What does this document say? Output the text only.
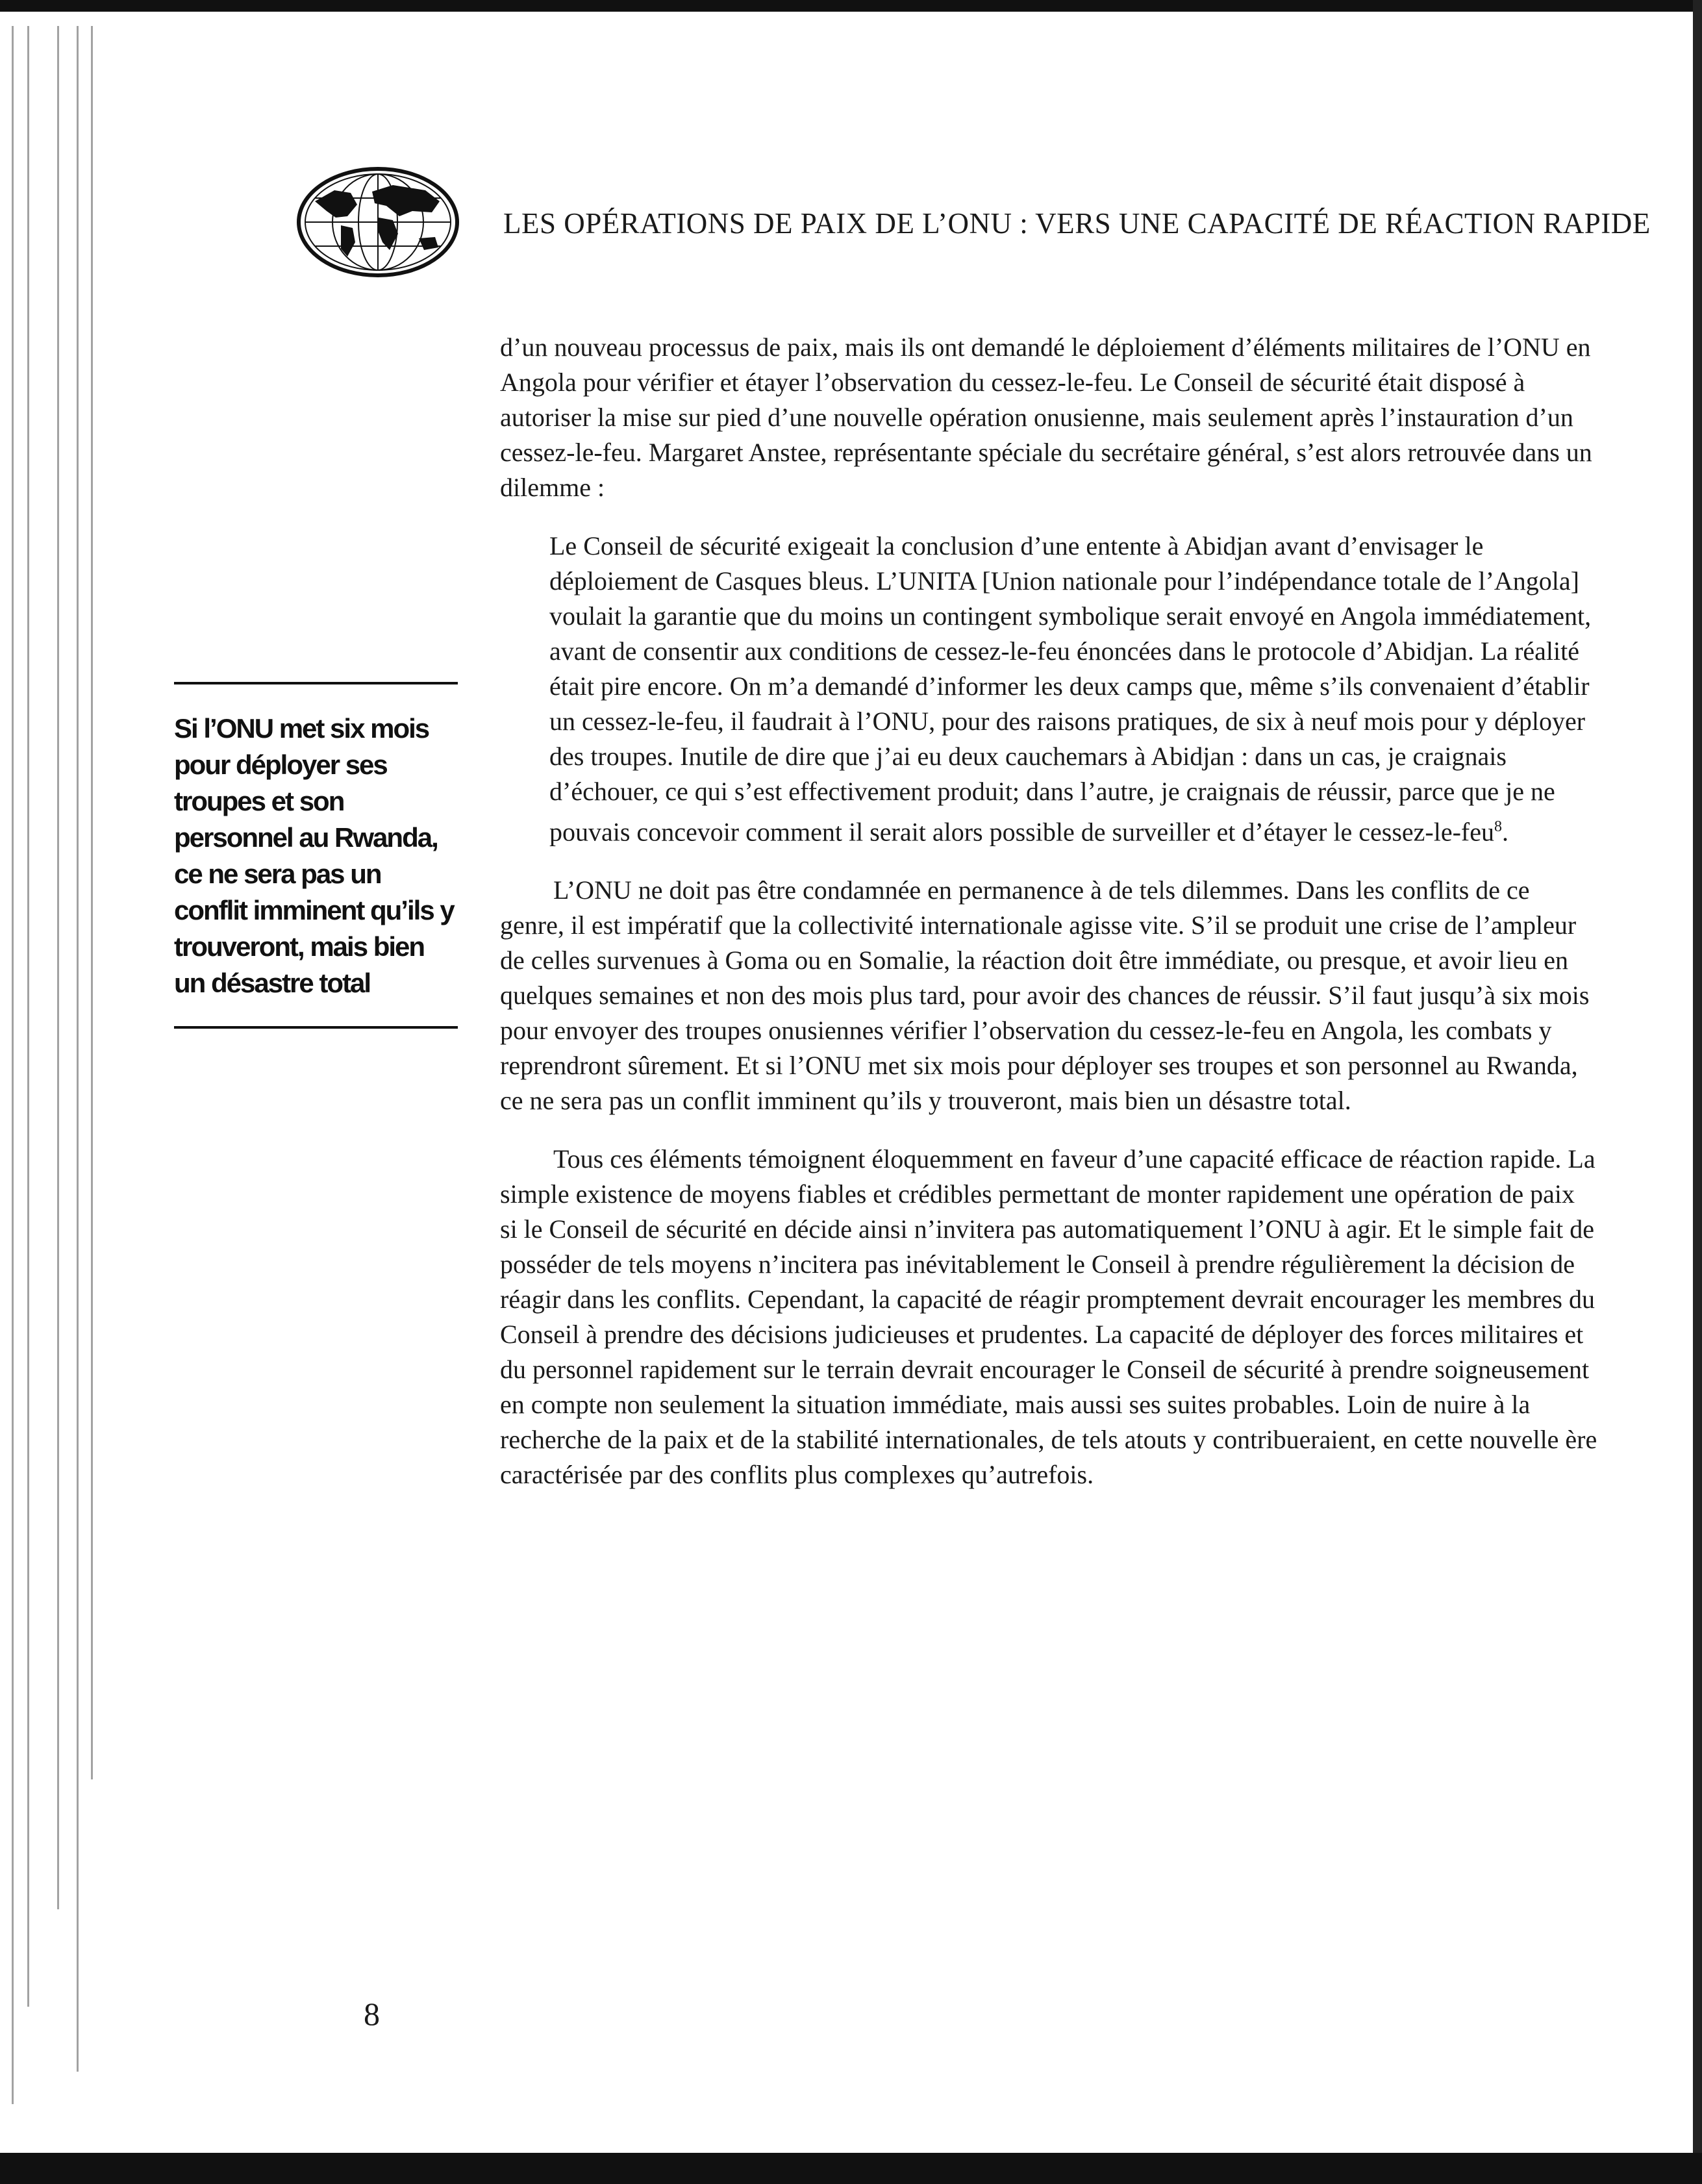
LES OPÉRATIONS DE PAIX DE L’ONU : VERS UNE CAPACITÉ DE RÉACTION RAPIDE

d’un nouveau processus de paix, mais ils ont demandé le déploiement d’éléments militaires de l’ONU en Angola pour vérifier et étayer l’observation du cessez-le-feu. Le Conseil de sécurité était disposé à autoriser la mise sur pied d’une nouvelle opération onusienne, mais seulement après l’instauration d’un cessez-le-feu. Margaret Anstee, représentante spéciale du secrétaire général, s’est alors retrouvée dans un dilemme :

Le Conseil de sécurité exigeait la conclusion d’une entente à Abidjan avant d’envisager le déploiement de Casques bleus. L’UNITA [Union nationale pour l’indépendance totale de l’Angola] voulait la garantie que du moins un contingent symbolique serait envoyé en Angola immédiatement, avant de consentir aux conditions de cessez-le-feu énoncées dans le protocole d’Abidjan. La réalité était pire encore. On m’a demandé d’informer les deux camps que, même s’ils convenaient d’établir un cessez-le-feu, il faudrait à l’ONU, pour des raisons pratiques, de six à neuf mois pour y déployer des troupes. Inutile de dire que j’ai eu deux cauchemars à Abidjan : dans un cas, je craignais d’échouer, ce qui s’est effectivement produit; dans l’autre, je craignais de réussir, parce que je ne pouvais concevoir comment il serait alors possible de surveiller et d’étayer le cessez-le-feu$^8$.

L’ONU ne doit pas être condamnée en permanence à de tels dilemmes. Dans les conflits de ce genre, il est impératif que la collectivité internationale agisse vite. S’il se produit une crise de l’ampleur de celles survenues à Goma ou en Somalie, la réaction doit être immédiate, ou presque, et avoir lieu en quelques semaines et non des mois plus tard, pour avoir des chances de réussir. S’il faut jusqu’à six mois pour envoyer des troupes onusiennes vérifier l’observation du cessez-le-feu en Angola, les combats y reprendront sûrement. Et si l’ONU met six mois pour déployer ses troupes et son personnel au Rwanda, ce ne sera pas un conflit imminent qu’ils y trouveront, mais bien un désastre total.

Tous ces éléments témoignent éloquemment en faveur d’une capacité efficace de réaction rapide. La simple existence de moyens fiables et crédibles permettant de monter rapidement une opération de paix si le Conseil de sécurité en décide ainsi n’invitera pas automatiquement l’ONU à agir. Et le simple fait de posséder de tels moyens n’incitera pas inévitablement le Conseil à prendre régulièrement la décision de réagir dans les conflits. Cependant, la capacité de réagir promptement devrait encourager les membres du Conseil à prendre des décisions judicieuses et prudentes. La capacité de déployer des forces militaires et du personnel rapidement sur le terrain devrait encourager le Conseil de sécurité à prendre soigneusement en compte non seulement la situation immédiate, mais aussi ses suites probables. Loin de nuire à la recherche de la paix et de la stabilité internationales, de tels atouts y contribueraient, en cette nouvelle ère caractérisée par des conflits plus complexes qu’autrefois.

Si l’ONU met six mois pour déployer ses troupes et son personnel au Rwanda, ce ne sera pas un conflit imminent qu’ils y trouveront, mais bien un désastre total
8
